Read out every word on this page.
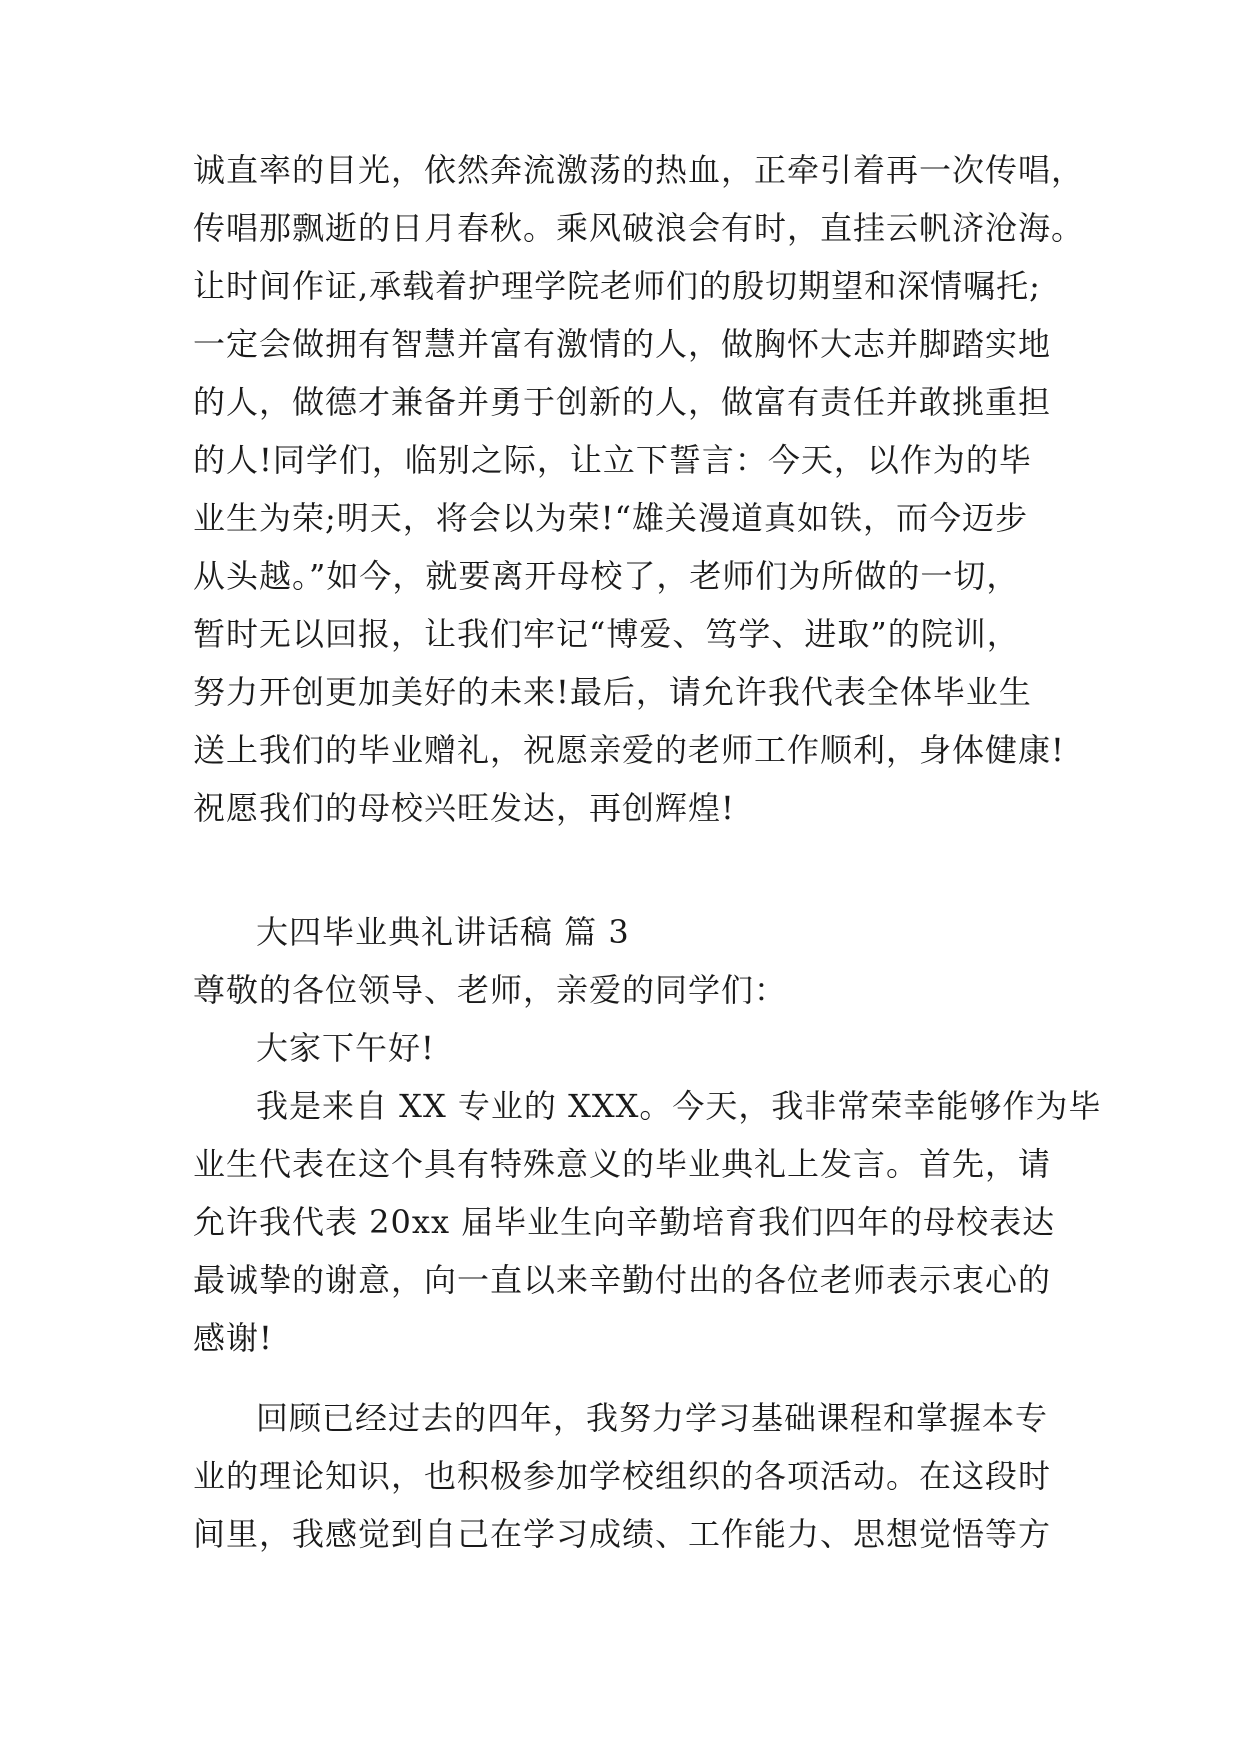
诚直率的目光，依然奔流激荡的热血，正牵引着再一次传唱，
传唱那飘逝的日月春秋。乘风破浪会有时，直挂云帆济沧海。
让时间作证,承载着护理学院老师们的殷切期望和深情嘱托;
一定会做拥有智慧并富有激情的人，做胸怀大志并脚踏实地
的人，做德才兼备并勇于创新的人，做富有责任并敢挑重担
的人!同学们，临别之际，让立下誓言：今天，以作为的毕
业生为荣;明天，将会以为荣!“雄关漫道真如铁，而今迈步
从头越。”如今，就要离开母校了，老师们为所做的一切，
暂时无以回报，让我们牢记“博爱、笃学、进取”的院训，
努力开创更加美好的未来!最后，请允许我代表全体毕业生
送上我们的毕业赠礼，祝愿亲爱的老师工作顺利，身体健康!
祝愿我们的母校兴旺发达，再创辉煌!
大四毕业典礼讲话稿 篇 3
尊敬的各位领导、老师，亲爱的同学们：
大家下午好!
我是来自 XX 专业的 XXX。今天，我非常荣幸能够作为毕
业生代表在这个具有特殊意义的毕业典礼上发言。首先，请
允许我代表 20xx 届毕业生向辛勤培育我们四年的母校表达
最诚挚的谢意，向一直以来辛勤付出的各位老师表示衷心的
感谢!
回顾已经过去的四年，我努力学习基础课程和掌握本专
业的理论知识，也积极参加学校组织的各项活动。在这段时
间里，我感觉到自己在学习成绩、工作能力、思想觉悟等方
